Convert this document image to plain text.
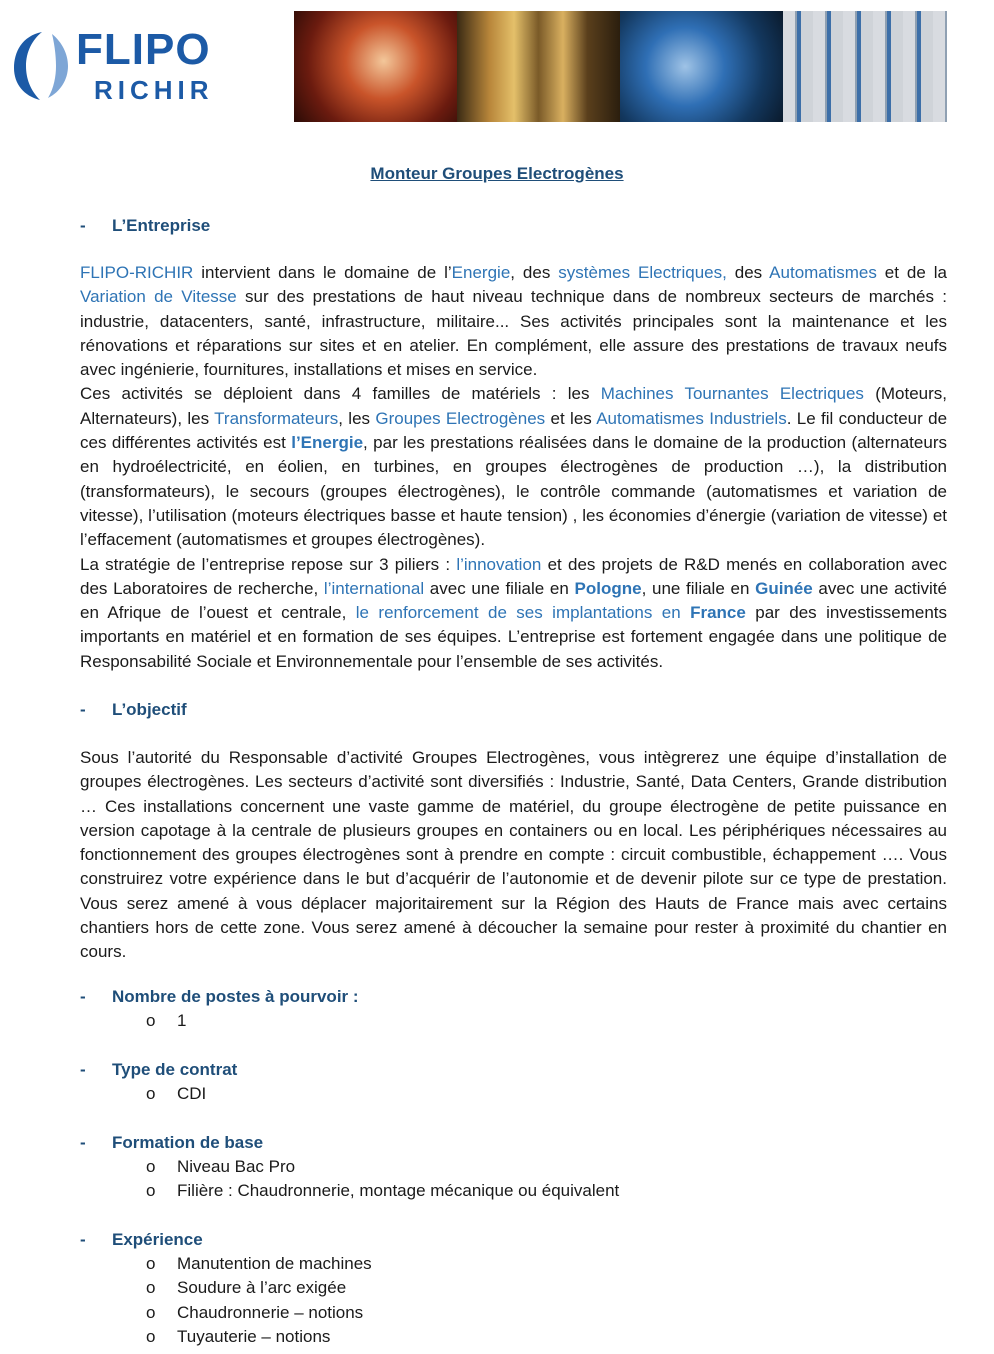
FLIPO
RICHIR
Monteur Groupes Electrogènes
- L’Entreprise

FLIPO-RICHIR intervient dans le domaine de l’Energie, des systèmes Electriques, des Automatismes et de la Variation de Vitesse sur des prestations de haut niveau technique dans de nombreux secteurs de marchés : industrie, datacenters, santé, infrastructure, militaire... Ses activités principales sont la maintenance et les rénovations et réparations sur sites et en atelier. En complément, elle assure des prestations de travaux neufs avec ingénierie, fournitures, installations et mises en service.

Ces activités se déploient dans 4 familles de matériels : les Machines Tournantes Electriques (Moteurs, Alternateurs), les Transformateurs, les Groupes Electrogènes et les Automatismes Industriels. Le fil conducteur de ces différentes activités est l’Energie, par les prestations réalisées dans le domaine de la production (alternateurs en hydroélectricité, en éolien, en turbines, en groupes électrogènes de production …), la distribution (transformateurs), le secours (groupes électrogènes), le contrôle commande (automatismes et variation de vitesse), l’utilisation (moteurs électriques basse et haute tension) , les économies d’énergie (variation de vitesse) et l’effacement (automatismes et groupes électrogènes).

La stratégie de l’entreprise repose sur 3 piliers : l’innovation et des projets de R&D menés en collaboration avec des Laboratoires de recherche, l’international avec une filiale en Pologne, une filiale en Guinée avec une activité en Afrique de l’ouest et centrale, le renforcement de ses implantations en France par des investissements importants en matériel et en formation de ses équipes. L’entreprise est fortement engagée dans une politique de Responsabilité Sociale et Environnementale pour l’ensemble de ses activités.

- L’objectif

Sous l’autorité du Responsable d’activité Groupes Electrogènes, vous intègrerez une équipe d’installation de groupes électrogènes. Les secteurs d’activité sont diversifiés : Industrie, Santé, Data Centers, Grande distribution … Ces installations concernent une vaste gamme de matériel, du groupe électrogène de petite puissance en version capotage à la centrale de plusieurs groupes en containers ou en local. Les périphériques nécessaires au fonctionnement des groupes électrogènes sont à prendre en compte : circuit combustible, échappement …. Vous construirez votre expérience dans le but d’acquérir de l’autonomie et de devenir pilote sur ce type de prestation. Vous serez amené à vous déplacer majoritairement sur la Région des Hauts de France mais avec certains chantiers hors de cette zone. Vous serez amené à découcher la semaine pour rester à proximité du chantier en cours.

- Nombre de postes à pourvoir :
o 1
- Type de contrat
o CDI
- Formation de base
o Niveau Bac Pro
o Filière : Chaudronnerie, montage mécanique ou équivalent
- Expérience
o Manutention de machines
o Soudure à l’arc exigée
o Chaudronnerie – notions
o Tuyauterie – notions
